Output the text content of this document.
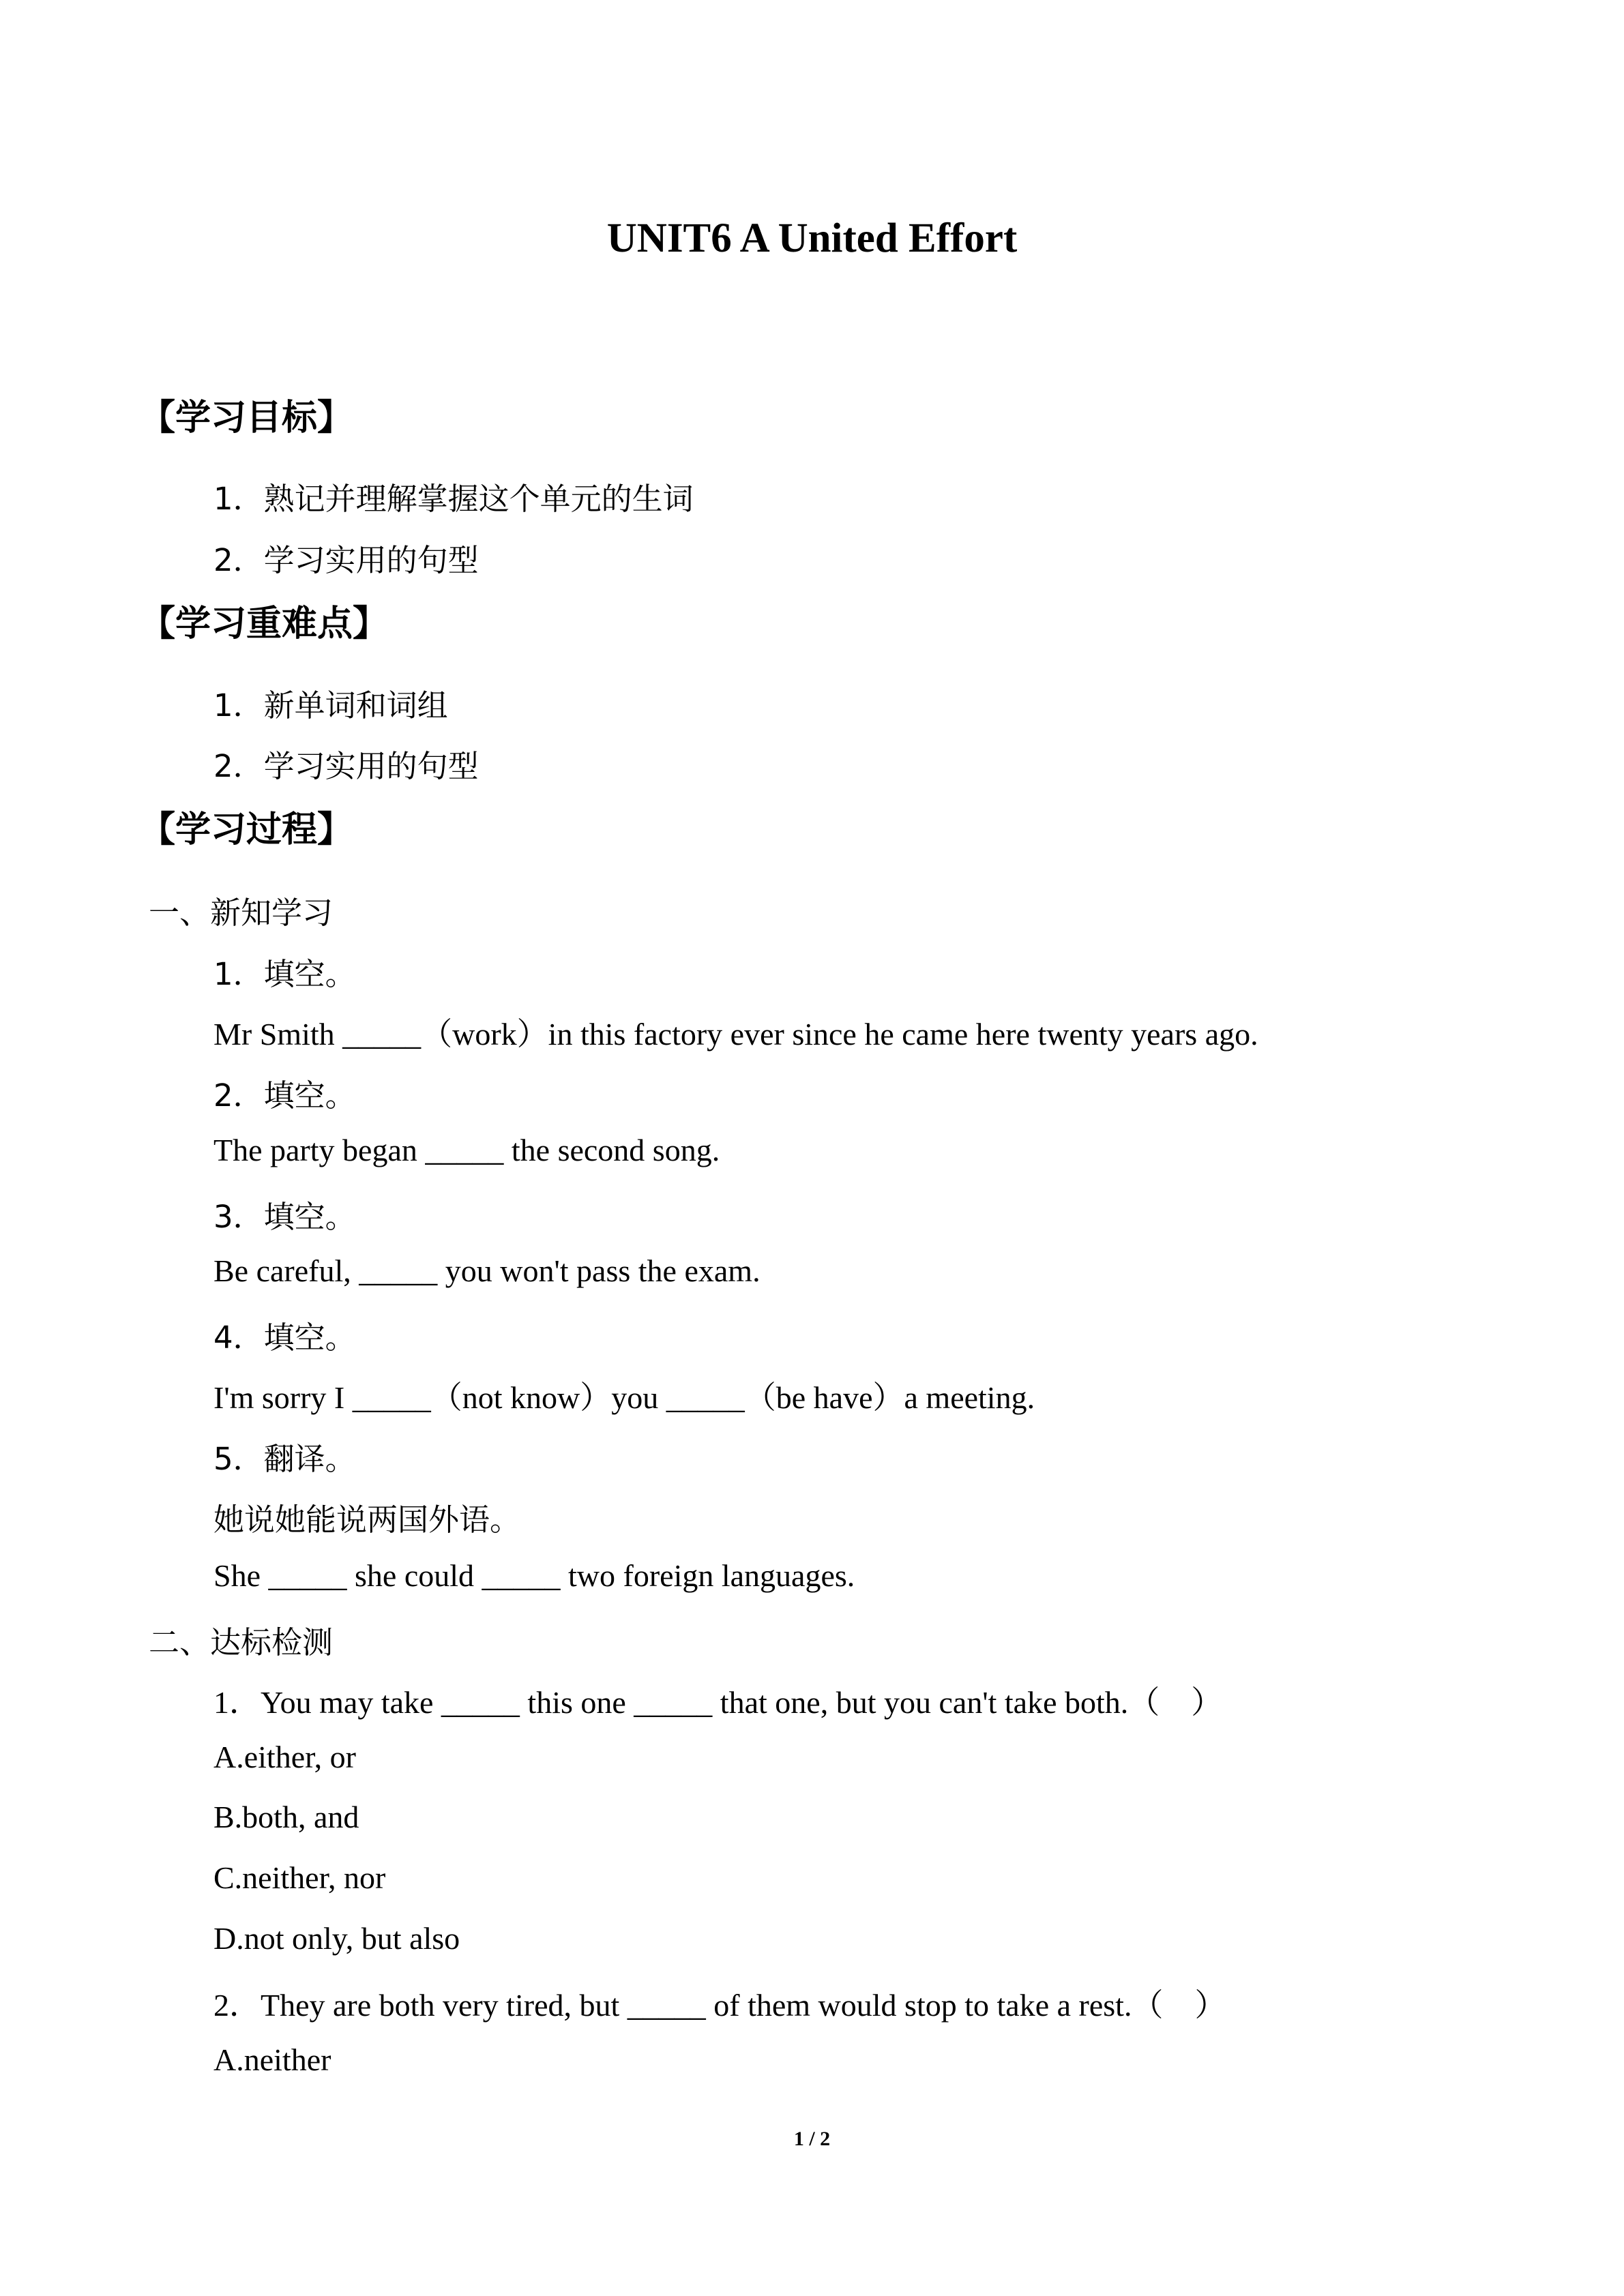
UNIT6 A United Effort
【学习目标】
1．熟记并理解掌握这个单元的生词
2．学习实用的句型
【学习重难点】
1．新单词和词组
2．学习实用的句型
【学习过程】
一、新知学习
1．填空。
Mr Smith _____（work）in this factory ever since he came here twenty years ago.
2．填空。
The party began _____ the second song.
3．填空。
Be careful, _____ you won't pass the exam.
4．填空。
I'm sorry I _____（not know）you _____（be have）a meeting.
5．翻译。
她说她能说两国外语。
She _____ she could _____ two foreign languages.
二、达标检测
1．You may take _____ this one _____ that one, but you can't take both.（　）
A.either, or
B.both, and
C.neither, nor
D.not only, but also
2．They are both very tired, but _____ of them would stop to take a rest.（　）
A.neither
1 / 2
